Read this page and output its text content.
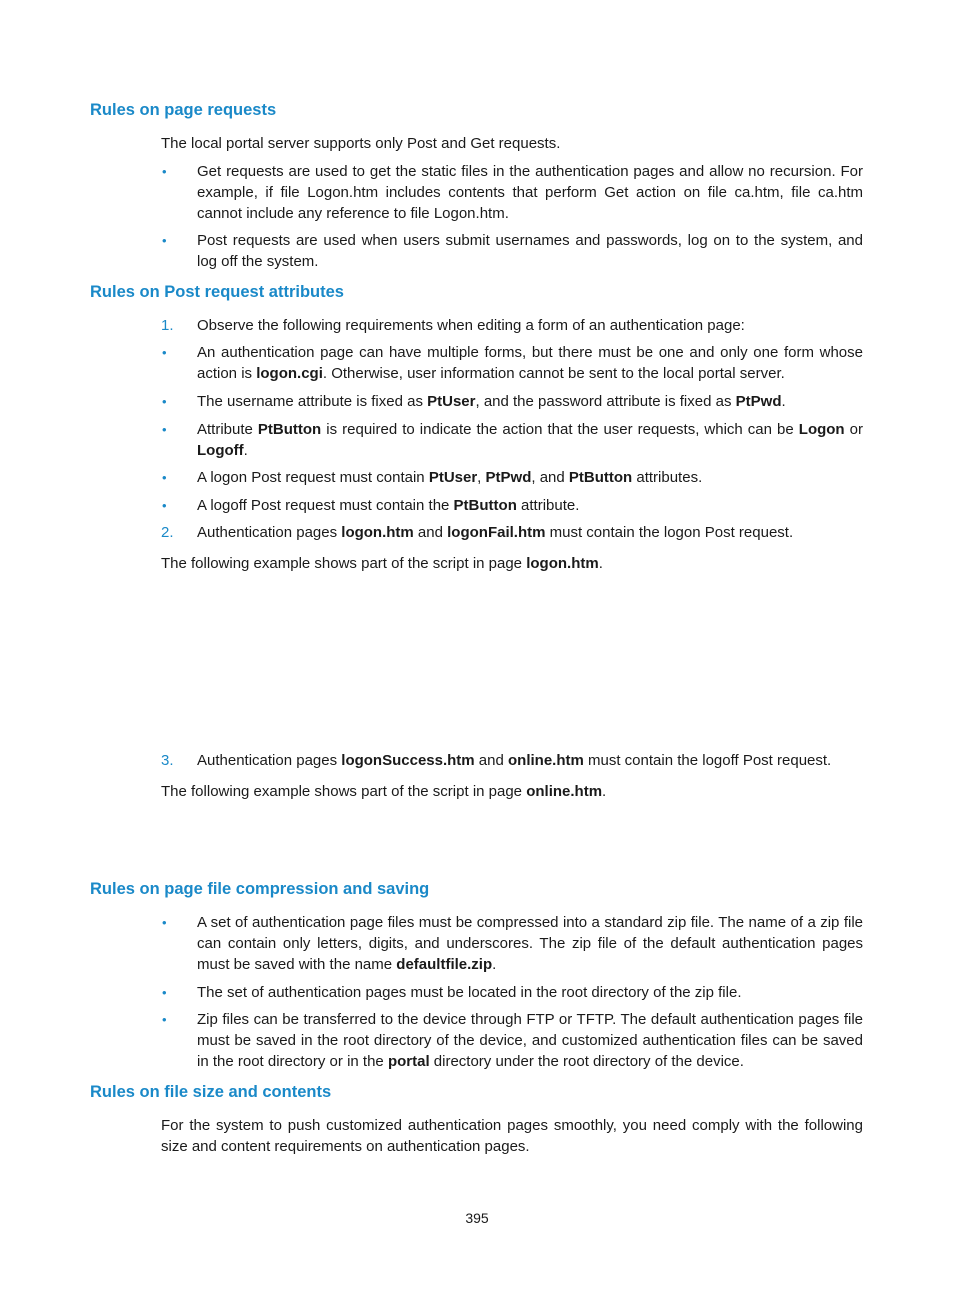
Rules on page requests

The local portal server supports only Post and Get requests.

•	Get requests are used to get the static files in the authentication pages and allow no recursion. For example, if file Logon.htm includes contents that perform Get action on file ca.htm, file ca.htm cannot include any reference to file Logon.htm.
•	Post requests are used when users submit usernames and passwords, log on to the system, and log off the system.
Rules on Post request attributes
1.	Observe the following requirements when editing a form of an authentication page:
•	An authentication page can have multiple forms, but there must be one and only one form whose action is logon.cgi. Otherwise, user information cannot be sent to the local portal server.
•	The username attribute is fixed as PtUser, and the password attribute is fixed as PtPwd.
•	Attribute PtButton is required to indicate the action that the user requests, which can be Logon or Logoff.
•	A logon Post request must contain PtUser, PtPwd, and PtButton attributes.
•	A logoff Post request must contain the PtButton attribute.
2.	Authentication pages logon.htm and logonFail.htm must contain the logon Post request.

The following example shows part of the script in page logon.htm.

3.	Authentication pages logonSuccess.htm and online.htm must contain the logoff Post request.

The following example shows part of the script in page online.htm.

Rules on page file compression and saving
•	A set of authentication page files must be compressed into a standard zip file. The name of a zip file can contain only letters, digits, and underscores. The zip file of the default authentication pages must be saved with the name defaultfile.zip.
•	The set of authentication pages must be located in the root directory of the zip file.
•	Zip files can be transferred to the device through FTP or TFTP. The default authentication pages file must be saved in the root directory of the device, and customized authentication files can be saved in the root directory or in the portal directory under the root directory of the device.
Rules on file size and contents

For the system to push customized authentication pages smoothly, you need comply with the following size and content requirements on authentication pages.

395
